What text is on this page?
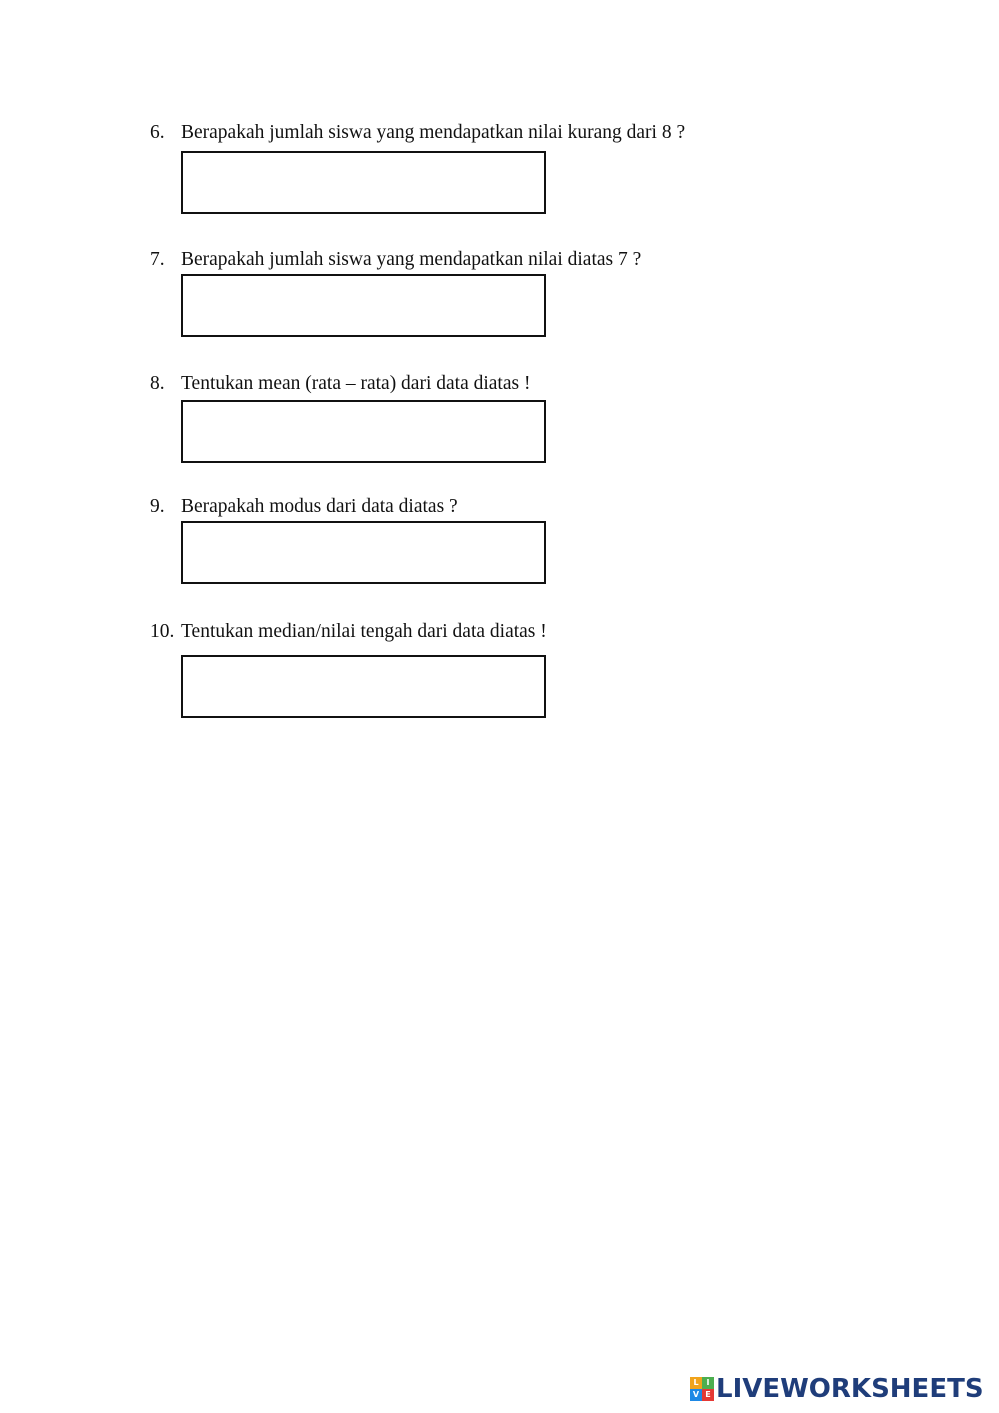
6. Berapakah jumlah siswa yang mendapatkan nilai kurang dari 8 ?
7. Berapakah jumlah siswa yang mendapatkan nilai diatas 7 ?
8. Tentukan mean (rata – rata) dari data diatas !
9. Berapakah modus dari data diatas ?
10. Tentukan median/nilai tengah dari data diatas !
L I
V E LIVEWORKSHEETS
